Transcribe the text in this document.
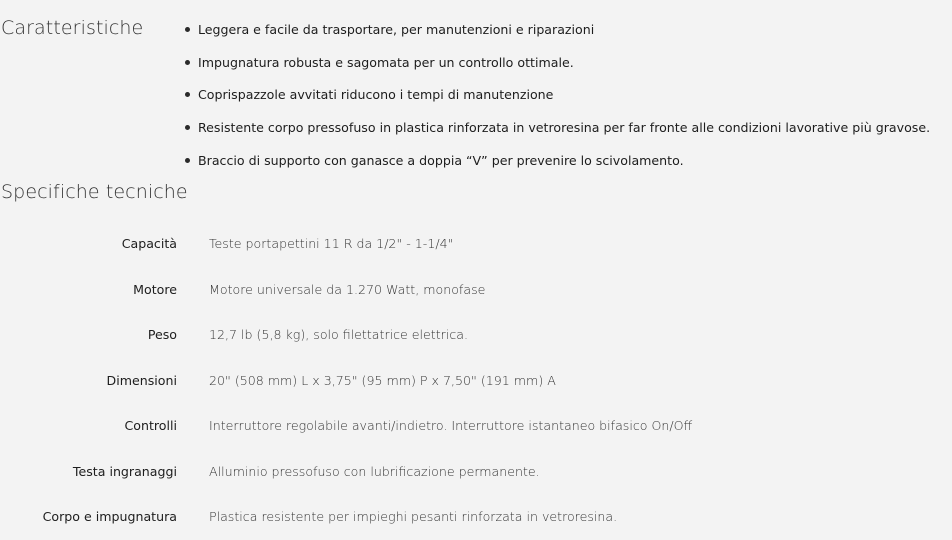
Caratteristiche	Leggera e facile da trasportare, per manutenzioni e riparazioni
Impugnatura robusta e sagomata per un controllo ottimale.
Coprispazzole avvitati riducono i tempi di manutenzione
Resistente corpo pressofuso in plastica rinforzata in vetroresina per far fronte alle condizioni lavorative più gravose.
Braccio di supporto con ganasce a doppia “V” per prevenire lo scivolamento.
Specifiche tecniche
Capacità	Teste portapettini 11 R da 1/2" - 1-1/4"
Motore	Motore universale da 1.270 Watt, monofase
Peso	12,7 lb (5,8 kg), solo filettatrice elettrica.
Dimensioni	20" (508 mm) L x 3,75" (95 mm) P x 7,50" (191 mm) A
Controlli	Interruttore regolabile avanti/indietro. Interruttore istantaneo bifasico On/Off
Testa ingranaggi	Alluminio pressofuso con lubrificazione permanente.
Corpo e impugnatura	Plastica resistente per impieghi pesanti rinforzata in vetroresina.
